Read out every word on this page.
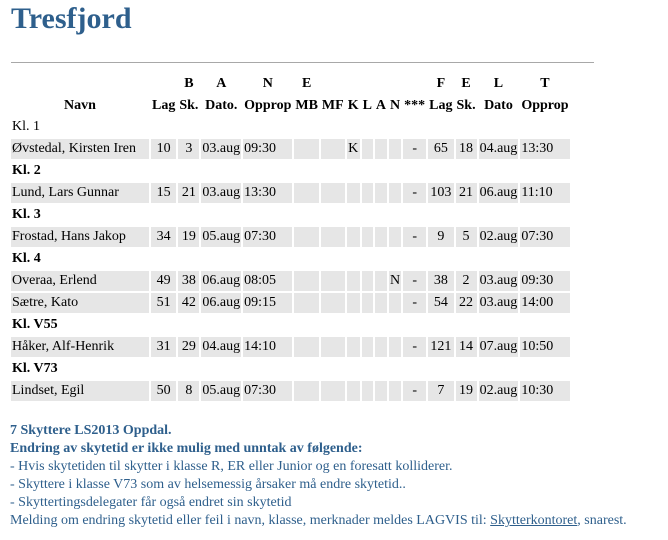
Tresfjord
		B	A	N	E							F	E	L	T
Navn	Lag	Sk.	Dato.	Opprop	MB	MF	K	L	A	N	***	Lag	Sk.	Dato	Opprop
Kl. 1															
Øvstedal, Kirsten Iren	10	3	03.aug	09:30			K				-	65	18	04.aug	13:30
Kl. 2															
Lund, Lars Gunnar	15	21	03.aug	13:30							-	103	21	06.aug	11:10
Kl. 3															
Frostad, Hans Jakop	34	19	05.aug	07:30							-	9	5	02.aug	07:30
Kl. 4															
Overaa, Erlend	49	38	06.aug	08:05						N	-	38	2	03.aug	09:30
Sætre, Kato	51	42	06.aug	09:15							-	54	22	03.aug	14:00
Kl. V55															
Håker, Alf-Henrik	31	29	04.aug	14:10							-	121	14	07.aug	10:50
Kl. V73															
Lindset, Egil	50	8	05.aug	07:30							-	7	19	02.aug	10:30
7 Skyttere LS2013 Oppdal.
Endring av skytetid er ikke mulig med unntak av følgende:
- Hvis skytetiden til skytter i klasse R, ER eller Junior og en foresatt kolliderer.
- Skyttere i klasse V73 som av helsemessig årsaker må endre skytetid..
- Skyttertingsdelegater får også endret sin skytetid
Melding om endring skytetid eller feil i navn, klasse, merknader meldes LAGVIS til: Skytterkontoret, snarest.
